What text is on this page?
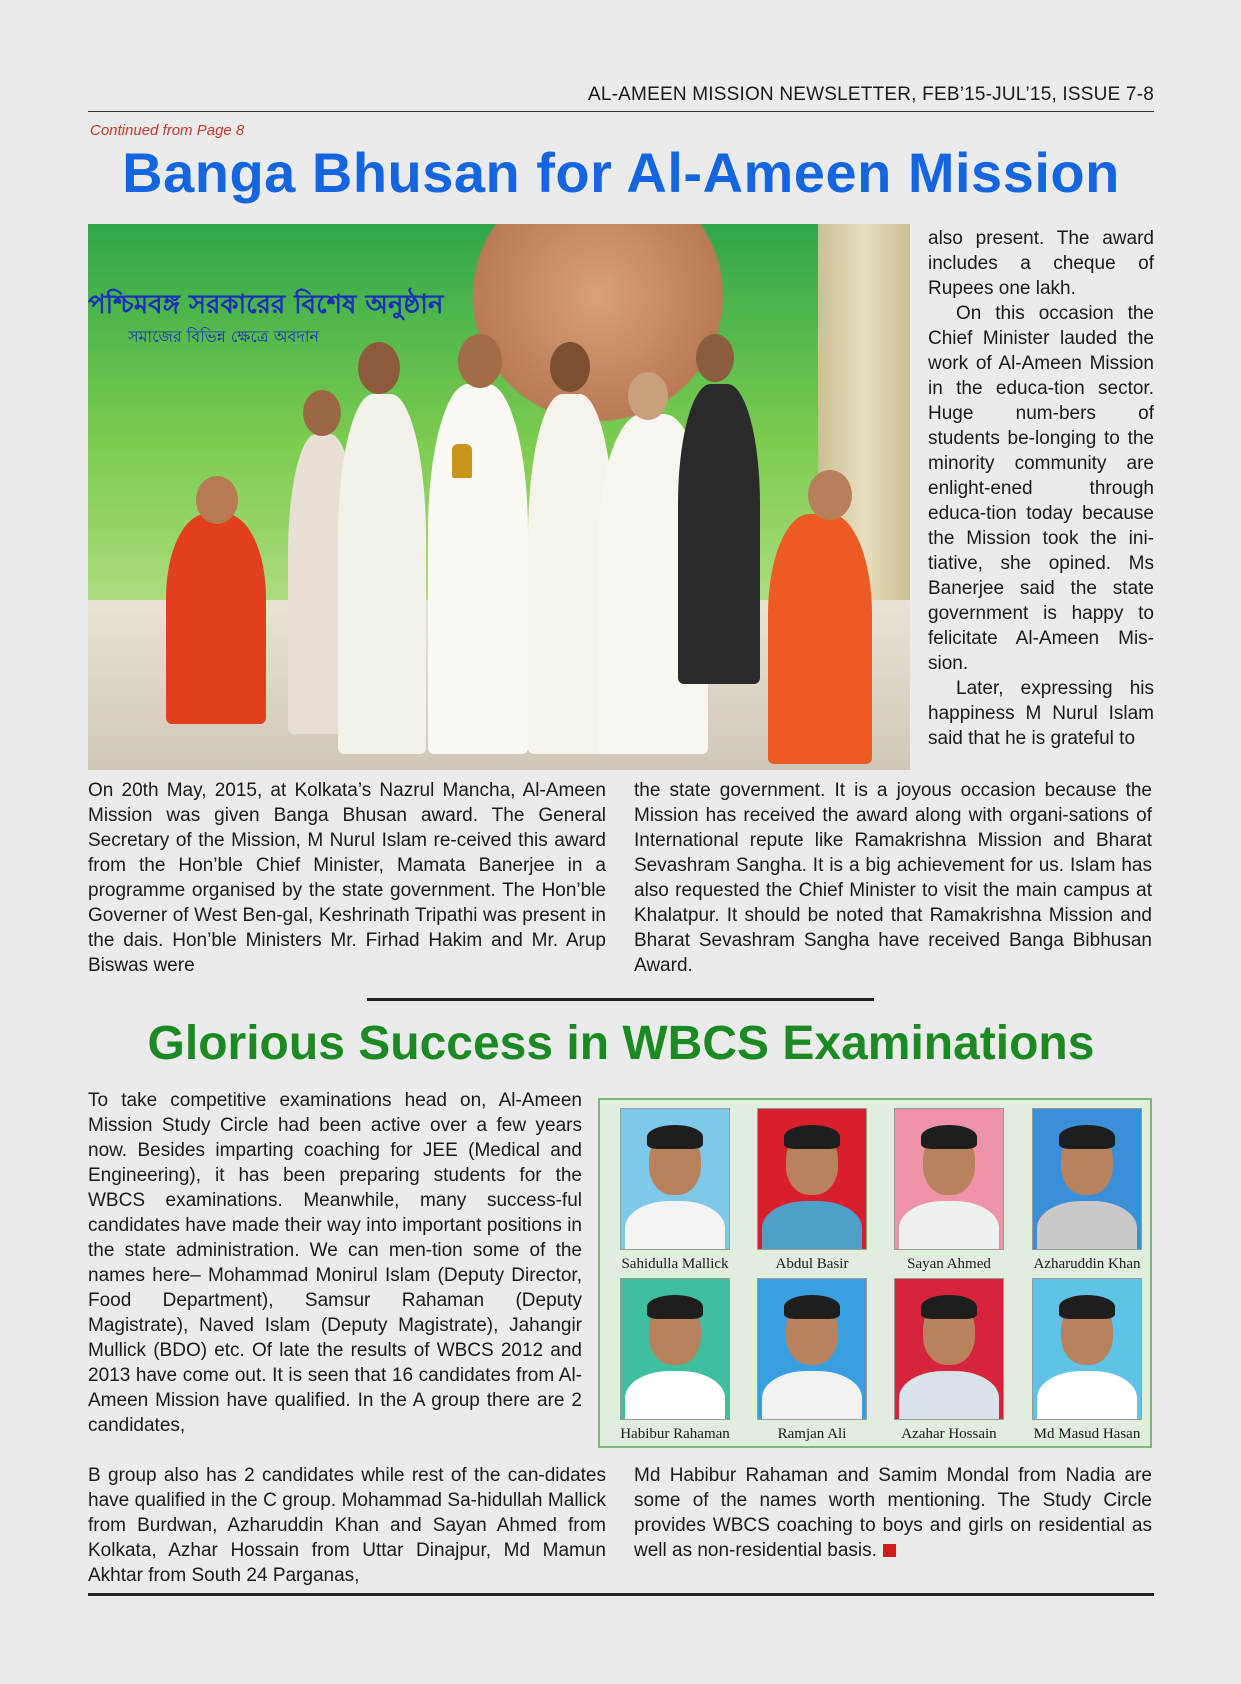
AL-AMEEN MISSION NEWSLETTER, FEB’15-JUL’15, ISSUE 7-8
Continued from Page 8
Banga Bhusan for Al-Ameen Mission
পশ্চিমবঙ্গ সরকারের বিশেষ অনুষ্ঠান
সমাজের বিভিন্ন ক্ষেত্রে অবদান

also present. The award includes a cheque of Rupees one lakh.

On this occasion the Chief Minister lauded the work of Al-Ameen Mission in the educa-tion sector. Huge num-bers of students be-longing to the minority community are enlight-ened through educa-tion today because the Mission took the ini-tiative, she opined. Ms Banerjee said the state government is happy to felicitate Al-Ameen Mis-sion.

Later, expressing his happiness M Nurul Islam said that he is grateful to

On 20th May, 2015, at Kolkata’s Nazrul Mancha, Al-Ameen Mission was given Banga Bhusan award. The General Secretary of the Mission, M Nurul Islam re-ceived this award from the Hon’ble Chief Minister, Mamata Banerjee in a programme organised by the state government. The Hon’ble Governer of West Ben-gal, Keshrinath Tripathi was present in the dais. Hon’ble Ministers Mr. Firhad Hakim and Mr. Arup Biswas were

the state government. It is a joyous occasion because the Mission has received the award along with organi-sations of International repute like Ramakrishna Mission and Bharat Sevashram Sangha. It is a big achievement for us. Islam has also requested the Chief Minister to visit the main campus at Khalatpur. It should be noted that Ramakrishna Mission and Bharat Sevashram Sangha have received Banga Bibhusan Award.

Glorious Success in WBCS Examinations

To take competitive examinations head on, Al-Ameen Mission Study Circle had been active over a few years now. Besides imparting coaching for JEE (Medical and Engineering), it has been preparing students for the WBCS examinations. Meanwhile, many success-ful candidates have made their way into important positions in the state administration. We can men-tion some of the names here– Mohammad Monirul Islam (Deputy Director, Food Department), Samsur Rahaman (Deputy Magistrate), Naved Islam (Deputy Magistrate), Jahangir Mullick (BDO) etc. Of late the results of WBCS 2012 and 2013 have come out. It is seen that 16 candidates from Al-Ameen Mission have qualified. In the A group there are 2 candidates,

Sahidulla Mallick	Abdul Basir	Sayan Ahmed	Azharuddin Khan
Habibur Rahaman	Ramjan Ali	Azahar Hossain	Md Masud Hasan

B group also has 2 candidates while rest of the can-didates have qualified in the C group. Mohammad Sa-hidullah Mallick from Burdwan, Azharuddin Khan and Sayan Ahmed from Kolkata, Azhar Hossain from Uttar Dinajpur, Md Mamun Akhtar from South 24 Parganas,

Md Habibur Rahaman and Samim Mondal from Nadia are some of the names worth mentioning. The Study Circle provides WBCS coaching to boys and girls on residential as well as non-residential basis.
